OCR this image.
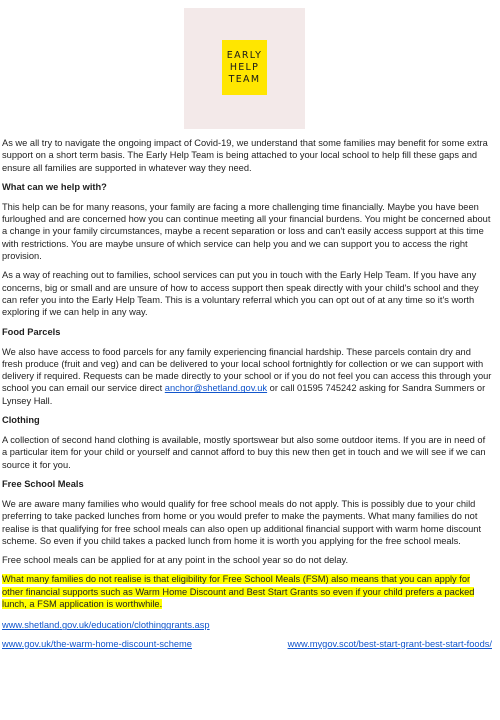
EARLY
HELP
TEAM

As we all try to navigate the ongoing impact of Covid-19, we understand that some families may benefit for some extra support on a short term basis. The Early Help Team is being attached to your local school to help fill these gaps and ensure all families are supported in whatever way they need.

What can we help with?

This help can be for many reasons, your family are facing a more challenging time financially. Maybe you have been furloughed and are concerned how you can continue meeting all your financial burdens. You might be concerned about a change in your family circumstances, maybe a recent separation or loss and can't easily access support at this time with restrictions. You are maybe unsure of which service can help you and we can support you to access the right provision.

As a way of reaching out to families, school services can put you in touch with the Early Help Team. If you have any concerns, big or small and are unsure of how to access support then speak directly with your child's school and they can refer you into the Early Help Team. This is a voluntary referral which you can opt out of at any time so it's worth exploring if we can help in any way.

Food Parcels

We also have access to food parcels for any family experiencing financial hardship. These parcels contain dry and fresh produce (fruit and veg) and can be delivered to your local school fortnightly for collection or we can support with delivery if required. Requests can be made directly to your school or if you do not feel you can access this through your school you can email our service direct anchor@shetland.gov.uk or call 01595 745242 asking for Sandra Summers or Lynsey Hall.

Clothing

A collection of second hand clothing is available, mostly sportswear but also some outdoor items. If you are in need of a particular item for your child or yourself and cannot afford to buy this new then get in touch and we will see if we can source it for you.

Free School Meals

We are aware many families who would qualify for free school meals do not apply. This is possibly due to your child preferring to take packed lunches from home or you would prefer to make the payments. What many families do not realise is that qualifying for free school meals can also open up additional financial support with warm home discount scheme. So even if you child takes a packed lunch from home it is worth you applying for the free school meals.

Free school meals can be applied for at any point in the school year so do not delay.

What many families do not realise is that eligibility for Free School Meals (FSM) also means that you can apply for other financial supports such as Warm Home Discount and Best Start Grants so even if your child prefers a packed lunch, a FSM application is worthwhile.

www.shetland.gov.uk/education/clothinggrants.asp
www.gov.uk/the-warm-home-discount-scheme	www.mygov.scot/best-start-grant-best-start-foods/
